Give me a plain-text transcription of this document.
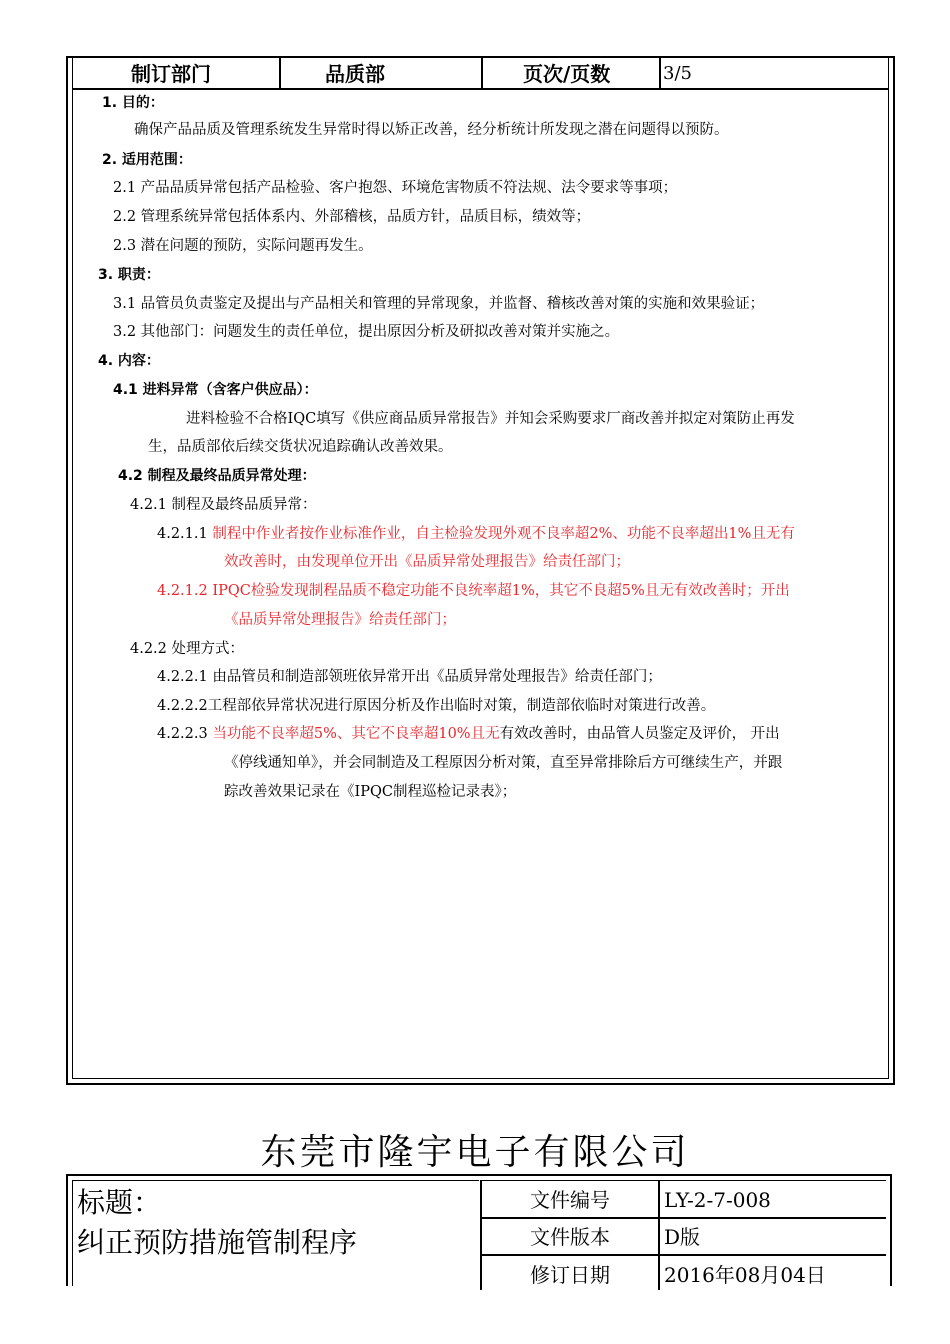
制订部门	品质部	页次/页数	3/5
1. 目的：
确保产品品质及管理系统发生异常时得以矫正改善，经分析统计所发现之潜在问题得以预防。
2. 适用范围：
2.1 产品品质异常包括产品检验、客户抱怨、环境危害物质不符法规、法令要求等事项；
2.2 管理系统异常包括体系内、外部稽核，品质方针，品质目标，绩效等；
2.3 潜在问题的预防，实际问题再发生。
3. 职责：
3.1 品管员负责鉴定及提出与产品相关和管理的异常现象，并监督、稽核改善对策的实施和效果验证；
3.2 其他部门：问题发生的责任单位，提出原因分析及研拟改善对策并实施之。
4. 内容：
4.1 进料异常（含客户供应品）：
进料检验不合格IQC填写《供应商品质异常报告》并知会采购要求厂商改善并拟定对策防止再发
生，品质部依后续交货状况追踪确认改善效果。
4.2 制程及最终品质异常处理：
4.2.1 制程及最终品质异常：
4.2.1.1 制程中作业者按作业标准作业，自主检验发现外观不良率超2%、功能不良率超出1%且无有
效改善时，由发现单位开出《品质异常处理报告》给责任部门；
4.2.1.2 IPQC检验发现制程品质不稳定功能不良统率超1%，其它不良超5%且无有效改善时；开出
《品质异常处理报告》给责任部门；
4.2.2 处理方式：
4.2.2.1 由品管员和制造部领班依异常开出《品质异常处理报告》给责任部门；
4.2.2.2工程部依异常状况进行原因分析及作出临时对策，制造部依临时对策进行改善。
4.2.2.3 当功能不良率超5%、其它不良率超10%且无有效改善时，由品管人员鉴定及评价， 开出
《停线通知单》，并会同制造及工程原因分析对策，直至异常排除后方可继续生产，并跟
踪改善效果记录在《IPQC制程巡检记录表》；
东莞市隆宇电子有限公司
标题：
纠正预防措施管制程序
文件编号	LY-2-7-008
文件版本	D版
修订日期	2016年08月04日
